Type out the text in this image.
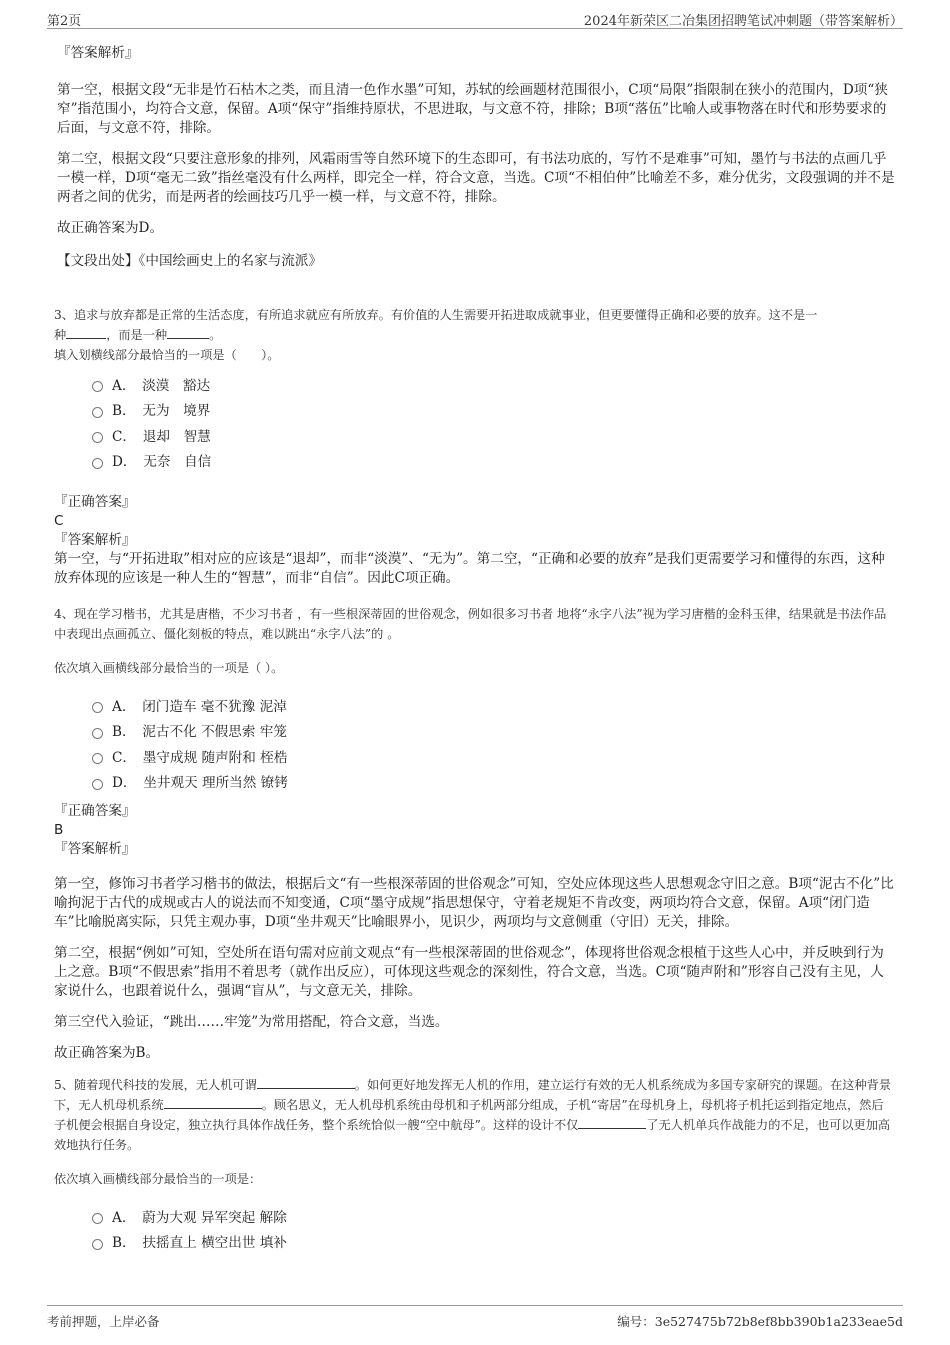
第2页	2024年新荣区二冶集团招聘笔试冲刺题（带答案解析）

『答案解析』

第一空，根据文段“无非是竹石枯木之类，而且清一色作水墨”可知，苏轼的绘画题材范围很小，C项“局限”指限制在狭小的范围内，D项“狭窄”指范围小，均符合文意，保留。A项“保守”指维持原状，不思进取，与文意不符，排除；B项“落伍”比喻人或事物落在时代和形势要求的后面，与文意不符，排除。

第二空，根据文段“只要注意形象的排列，风霜雨雪等自然环境下的生态即可，有书法功底的，写竹不是难事”可知，墨竹与书法的点画几乎一模一样，D项“毫无二致”指丝毫没有什么两样，即完全一样，符合文意，当选。C项“不相伯仲”比喻差不多，难分优劣，文段强调的并不是两者之间的优劣，而是两者的绘画技巧几乎一模一样，与文意不符，排除。

故正确答案为D。

【文段出处】《中国绘画史上的名家与流派》

3、追求与放弃都是正常的生活态度，有所追求就应有所放弃。有价值的人生需要开拓进取成就事业，但更要懂得正确和必要的放弃。这不是一
种	，而是一种	。

填入划横线部分最恰当的一项是（　　）。

A．　淡漠　豁达
B．　无为　境界
C．　退却　智慧
D．　无奈　自信

『正确答案』

C

『答案解析』

第一空，与“开拓进取”相对应的应该是“退却”，而非“淡漠”、“无为”。第二空，“正确和必要的放弃”是我们更需要学习和懂得的东西，这种放弃体现的应该是一种人生的“智慧”，而非“自信”。因此C项正确。

4、现在学习楷书，尤其是唐楷，不少习书者 ，有一些根深蒂固的世俗观念，例如很多习书者 地将“永字八法”视为学习唐楷的金科玉律，结果就是书法作品中表现出点画孤立、僵化刻板的特点，难以跳出“永字八法”的 。

依次填入画横线部分最恰当的一项是（ ）。

A．　闭门造车 毫不犹豫 泥淖
B．　泥古不化 不假思索 牢笼
C．　墨守成规 随声附和 桎梏
D．　坐井观天 理所当然 镣铐

『正确答案』

B

『答案解析』

第一空，修饰习书者学习楷书的做法，根据后文“有一些根深蒂固的世俗观念”可知，空处应体现这些人思想观念守旧之意。B项“泥古不化”比喻拘泥于古代的成规或古人的说法而不知变通，C项“墨守成规”指思想保守，守着老规矩不肯改变，两项均符合文意，保留。A项“闭门造车”比喻脱离实际，只凭主观办事，D项“坐井观天”比喻眼界小，见识少，两项均与文意侧重（守旧）无关，排除。

第二空，根据“例如”可知，空处所在语句需对应前文观点“有一些根深蒂固的世俗观念”，体现将世俗观念根植于这些人心中，并反映到行为上之意。B项“不假思索”指用不着思考（就作出反应），可体现这些观念的深刻性，符合文意，当选。C项“随声附和”形容自己没有主见，人家说什么，也跟着说什么，强调“盲从”，与文意无关，排除。

第三空代入验证，“跳出……牢笼”为常用搭配，符合文意，当选。

故正确答案为B。

5、随着现代科技的发展，无人机可谓	。如何更好地发挥无人机的作用，建立运行有效的无人机系统成为多国专家研究的课题。在这种背景下，无人机母机系统	。顾名思义，无人机母机系统由母机和子机两部分组成，子机“寄居”在母机身上，母机将子机托运到指定地点，然后子机便会根据自身设定，独立执行具体作战任务，整个系统恰似一艘“空中航母”。这样的设计不仅	了无人机单兵作战能力的不足，也可以更加高效地执行任务。

依次填入画横线部分最恰当的一项是：

A．　蔚为大观 异军突起 解除
B．　扶摇直上 横空出世 填补
考前押题，上岸必备	编号：3e527475b72b8ef8bb390b1a233eae5d
